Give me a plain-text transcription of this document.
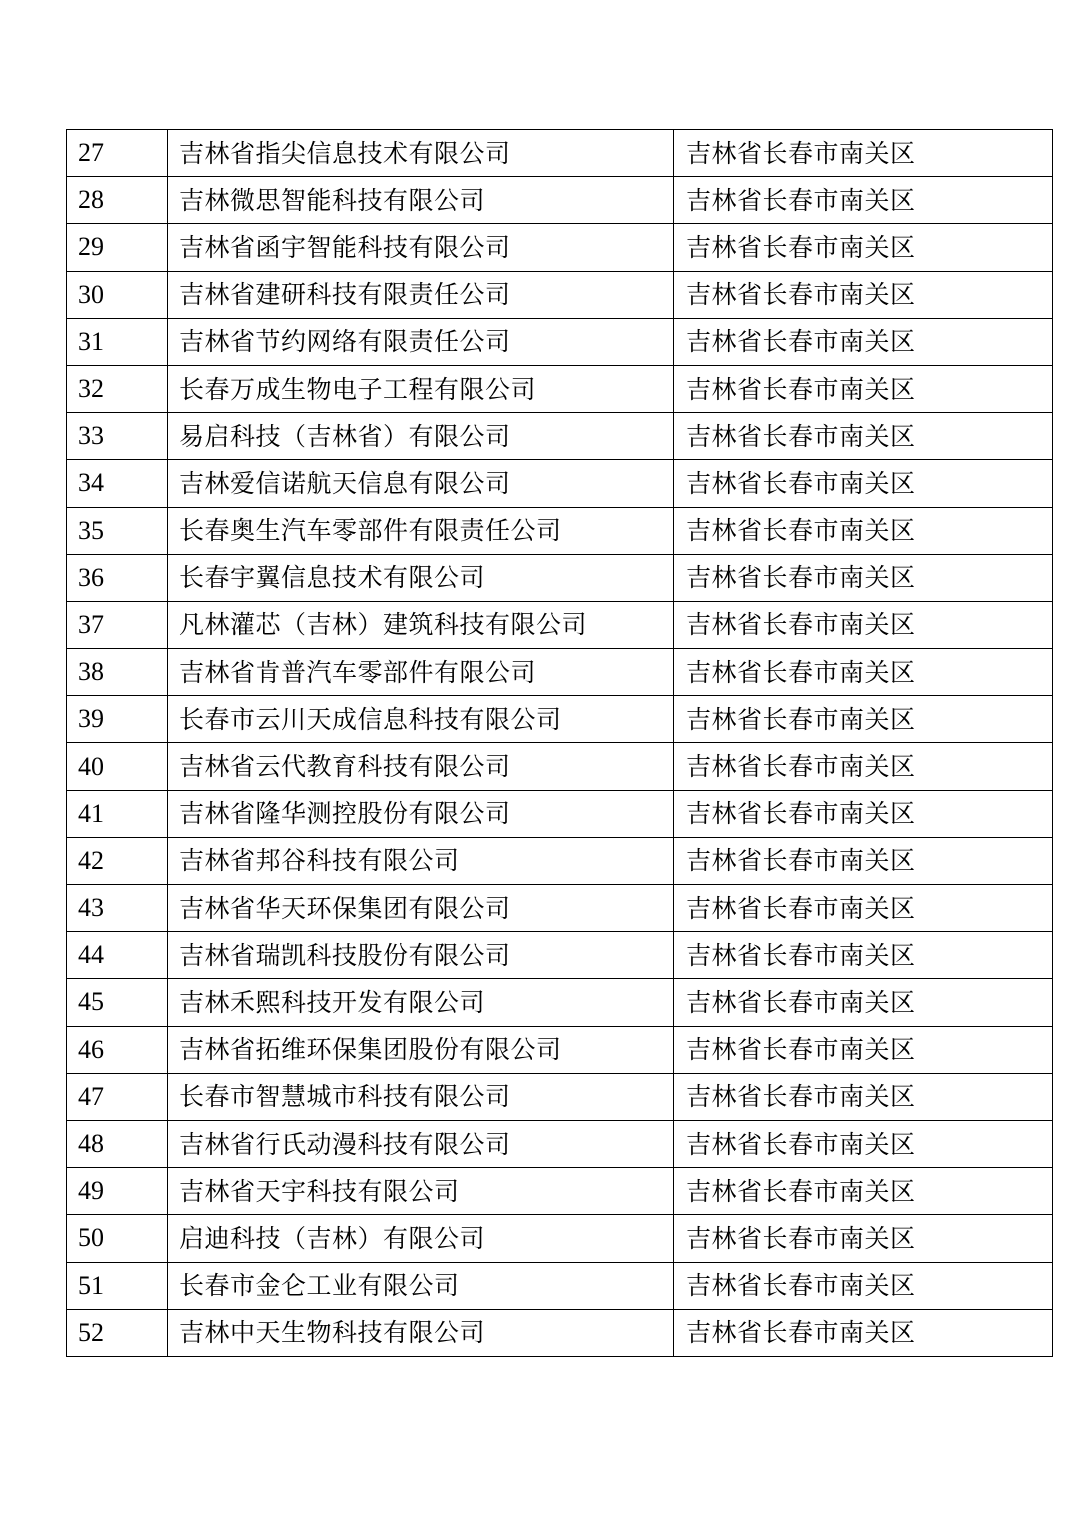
27	吉林省指尖信息技术有限公司	吉林省长春市南关区
28	吉林微思智能科技有限公司	吉林省长春市南关区
29	吉林省函宇智能科技有限公司	吉林省长春市南关区
30	吉林省建研科技有限责任公司	吉林省长春市南关区
31	吉林省节约网络有限责任公司	吉林省长春市南关区
32	长春万成生物电子工程有限公司	吉林省长春市南关区
33	易启科技（吉林省）有限公司	吉林省长春市南关区
34	吉林爱信诺航天信息有限公司	吉林省长春市南关区
35	长春奥生汽车零部件有限责任公司	吉林省长春市南关区
36	长春宇翼信息技术有限公司	吉林省长春市南关区
37	凡林灌芯（吉林）建筑科技有限公司	吉林省长春市南关区
38	吉林省肯普汽车零部件有限公司	吉林省长春市南关区
39	长春市云川天成信息科技有限公司	吉林省长春市南关区
40	吉林省云代教育科技有限公司	吉林省长春市南关区
41	吉林省隆华测控股份有限公司	吉林省长春市南关区
42	吉林省邦谷科技有限公司	吉林省长春市南关区
43	吉林省华天环保集团有限公司	吉林省长春市南关区
44	吉林省瑞凯科技股份有限公司	吉林省长春市南关区
45	吉林禾熙科技开发有限公司	吉林省长春市南关区
46	吉林省拓维环保集团股份有限公司	吉林省长春市南关区
47	长春市智慧城市科技有限公司	吉林省长春市南关区
48	吉林省行氏动漫科技有限公司	吉林省长春市南关区
49	吉林省天宇科技有限公司	吉林省长春市南关区
50	启迪科技（吉林）有限公司	吉林省长春市南关区
51	长春市金仑工业有限公司	吉林省长春市南关区
52	吉林中天生物科技有限公司	吉林省长春市南关区
